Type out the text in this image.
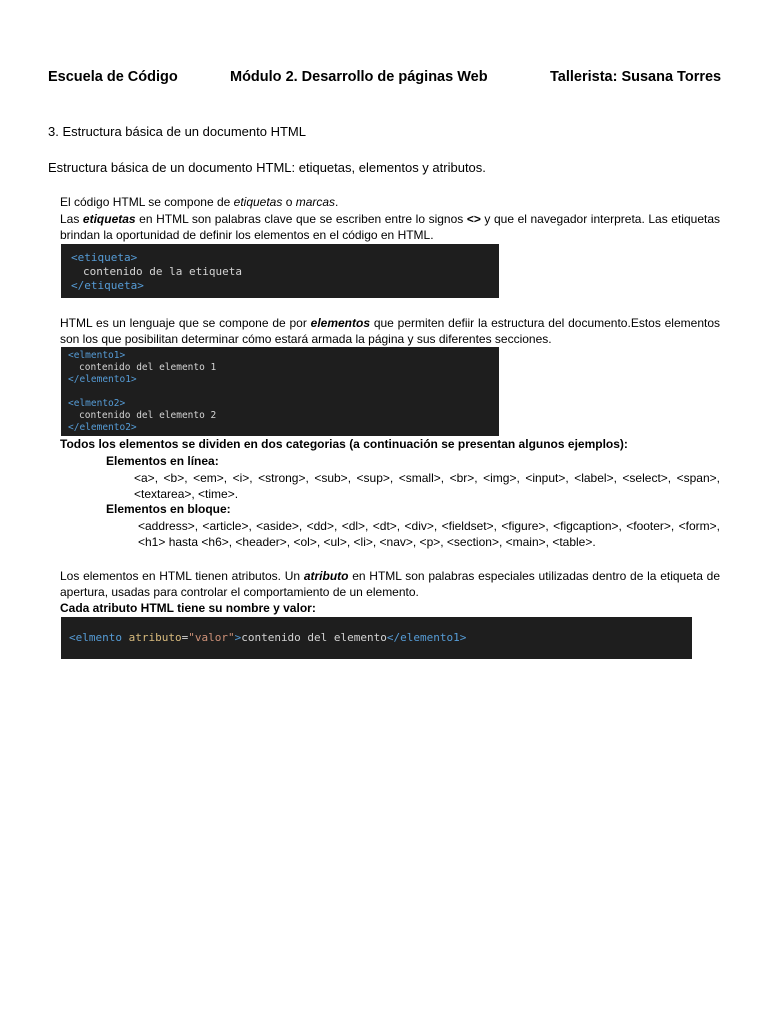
Escuela de Código	Módulo 2. Desarrollo de páginas Web	Tallerista: Susana Torres
3. Estructura básica de un documento HTML
Estructura básica de un documento HTML: etiquetas, elementos y atributos.
El código HTML se compone de etiquetas o marcas.
Las etiquetas en HTML son palabras clave que se escriben entre lo signos <> y que el navegador interpreta. Las etiquetas brindan la oportunidad de definir los elementos en el código en HTML.
<etiqueta>
contenido de la etiqueta
</etiqueta>
HTML es un lenguaje que se compone de por elementos que permiten defiir la estructura del documento.Estos elementos son los que posibilitan determinar cómo estará armada la página y sus diferentes secciones.
<elmento1>
contenido del elemento 1
</elemento1>
<elmento2>
contenido del elemento 2
</elemento2>
Todos los elementos se dividen en dos categorias (a continuación se presentan algunos ejemplos):
Elementos en línea:
<a>, <b>, <em>, <i>, <strong>, <sub>, <sup>, <small>, <br>, <img>, <input>, <label>, <select>, <span>, <textarea>, <time>.
Elementos en bloque:
<address>, <article>, <aside>, <dd>, <dl>, <dt>, <div>, <fieldset>, <figure>, <figcaption>, <footer>, <form>, <h1> hasta <h6>, <header>, <ol>, <ul>, <li>, <nav>, <p>, <section>, <main>, <table>.
Los elementos en HTML tienen atributos. Un atributo en HTML son palabras especiales utilizadas dentro de la etiqueta de apertura, usadas para controlar el comportamiento de un elemento.
Cada atributo HTML tiene su nombre y valor:
<elmento atributo="valor">contenido del elemento</elemento1>
